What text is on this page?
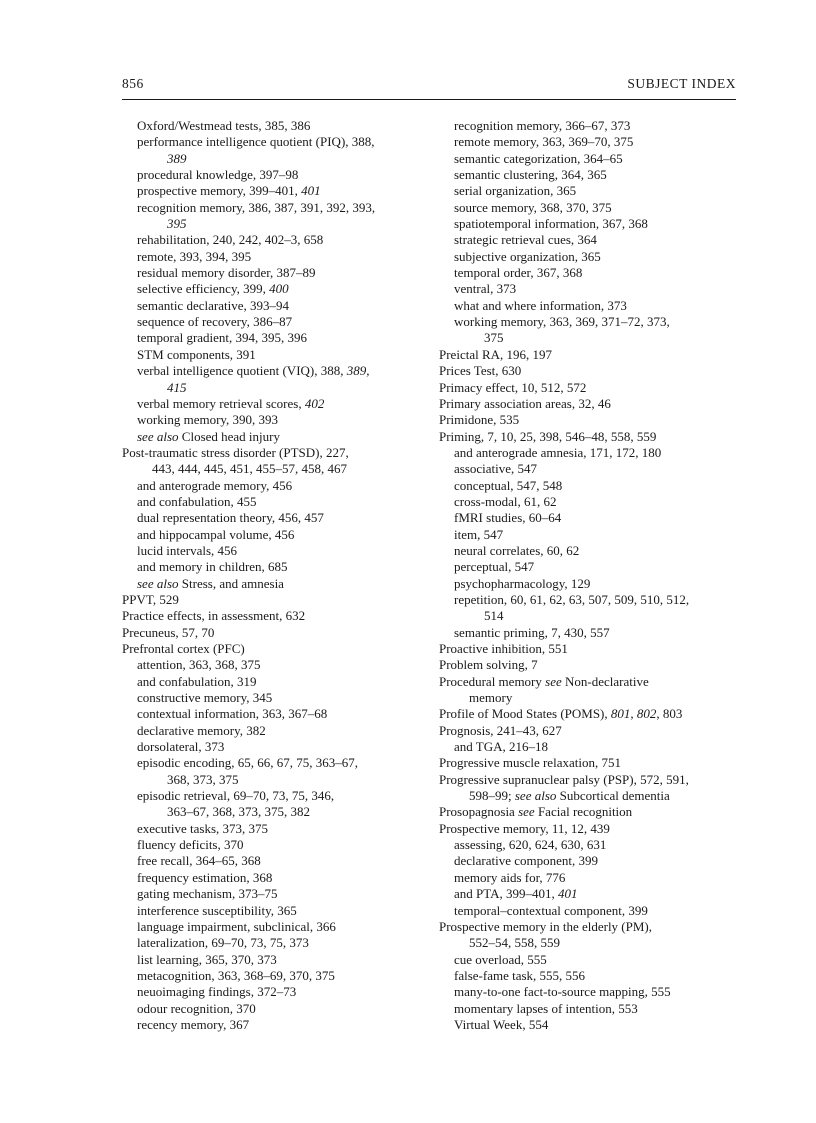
856	SUBJECT INDEX
Oxford/Westmead tests, 385, 386
performance intelligence quotient (PIQ), 388,
389
procedural knowledge, 397–98
prospective memory, 399–401, 401
recognition memory, 386, 387, 391, 392, 393,
395
rehabilitation, 240, 242, 402–3, 658
remote, 393, 394, 395
residual memory disorder, 387–89
selective efficiency, 399, 400
semantic declarative, 393–94
sequence of recovery, 386–87
temporal gradient, 394, 395, 396
STM components, 391
verbal intelligence quotient (VIQ), 388, 389,
415
verbal memory retrieval scores, 402
working memory, 390, 393
see also Closed head injury
Post-traumatic stress disorder (PTSD), 227,
443, 444, 445, 451, 455–57, 458, 467
and anterograde memory, 456
and confabulation, 455
dual representation theory, 456, 457
and hippocampal volume, 456
lucid intervals, 456
and memory in children, 685
see also Stress, and amnesia
PPVT, 529
Practice effects, in assessment, 632
Precuneus, 57, 70
Prefrontal cortex (PFC)
attention, 363, 368, 375
and confabulation, 319
constructive memory, 345
contextual information, 363, 367–68
declarative memory, 382
dorsolateral, 373
episodic encoding, 65, 66, 67, 75, 363–67,
368, 373, 375
episodic retrieval, 69–70, 73, 75, 346,
363–67, 368, 373, 375, 382
executive tasks, 373, 375
fluency deficits, 370
free recall, 364–65, 368
frequency estimation, 368
gating mechanism, 373–75
interference susceptibility, 365
language impairment, subclinical, 366
lateralization, 69–70, 73, 75, 373
list learning, 365, 370, 373
metacognition, 363, 368–69, 370, 375
neuoimaging findings, 372–73
odour recognition, 370
recency memory, 367
recognition memory, 366–67, 373
remote memory, 363, 369–70, 375
semantic categorization, 364–65
semantic clustering, 364, 365
serial organization, 365
source memory, 368, 370, 375
spatiotemporal information, 367, 368
strategic retrieval cues, 364
subjective organization, 365
temporal order, 367, 368
ventral, 373
what and where information, 373
working memory, 363, 369, 371–72, 373,
375
Preictal RA, 196, 197
Prices Test, 630
Primacy effect, 10, 512, 572
Primary association areas, 32, 46
Primidone, 535
Priming, 7, 10, 25, 398, 546–48, 558, 559
and anterograde amnesia, 171, 172, 180
associative, 547
conceptual, 547, 548
cross-modal, 61, 62
fMRI studies, 60–64
item, 547
neural correlates, 60, 62
perceptual, 547
psychopharmacology, 129
repetition, 60, 61, 62, 63, 507, 509, 510, 512,
514
semantic priming, 7, 430, 557
Proactive inhibition, 551
Problem solving, 7
Procedural memory see Non-declarative
memory
Profile of Mood States (POMS), 801, 802, 803
Prognosis, 241–43, 627
and TGA, 216–18
Progressive muscle relaxation, 751
Progressive supranuclear palsy (PSP), 572, 591,
598–99; see also Subcortical dementia
Prosopagnosia see Facial recognition
Prospective memory, 11, 12, 439
assessing, 620, 624, 630, 631
declarative component, 399
memory aids for, 776
and PTA, 399–401, 401
temporal–contextual component, 399
Prospective memory in the elderly (PM),
552–54, 558, 559
cue overload, 555
false-fame task, 555, 556
many-to-one fact-to-source mapping, 555
momentary lapses of intention, 553
Virtual Week, 554
